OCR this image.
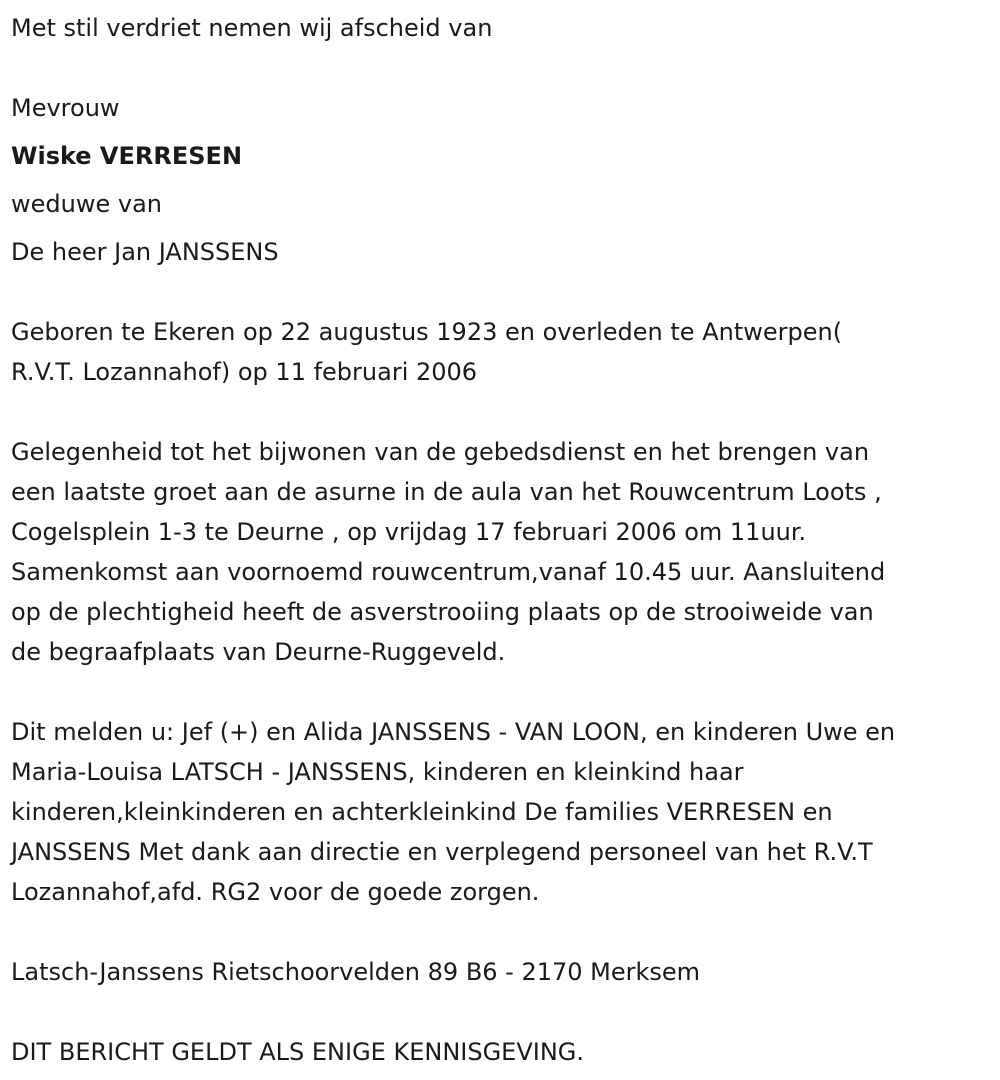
Met stil verdriet nemen wij afscheid van
Mevrouw
Wiske VERRESEN
weduwe van
De heer Jan JANSSENS
Geboren te Ekeren op 22 augustus 1923 en overleden te Antwerpen(
R.V.T. Lozannahof) op 11 februari 2006
Gelegenheid tot het bijwonen van de gebedsdienst en het brengen van
een laatste groet aan de asurne in de aula van het Rouwcentrum Loots ,
Cogelsplein 1-3 te Deurne , op vrijdag 17 februari 2006 om 11uur.
Samenkomst aan voornoemd rouwcentrum,vanaf 10.45 uur. Aansluitend
op de plechtigheid heeft de asverstrooiing plaats op de strooiweide van
de begraafplaats van Deurne-Ruggeveld.
Dit melden u: Jef (+) en Alida JANSSENS - VAN LOON, en kinderen Uwe en
Maria-Louisa LATSCH - JANSSENS, kinderen en kleinkind haar
kinderen,kleinkinderen en achterkleinkind De families VERRESEN en
JANSSENS Met dank aan directie en verplegend personeel van het R.V.T
Lozannahof,afd. RG2 voor de goede zorgen.
Latsch-Janssens Rietschoorvelden 89 B6 - 2170 Merksem
DIT BERICHT GELDT ALS ENIGE KENNISGEVING.
